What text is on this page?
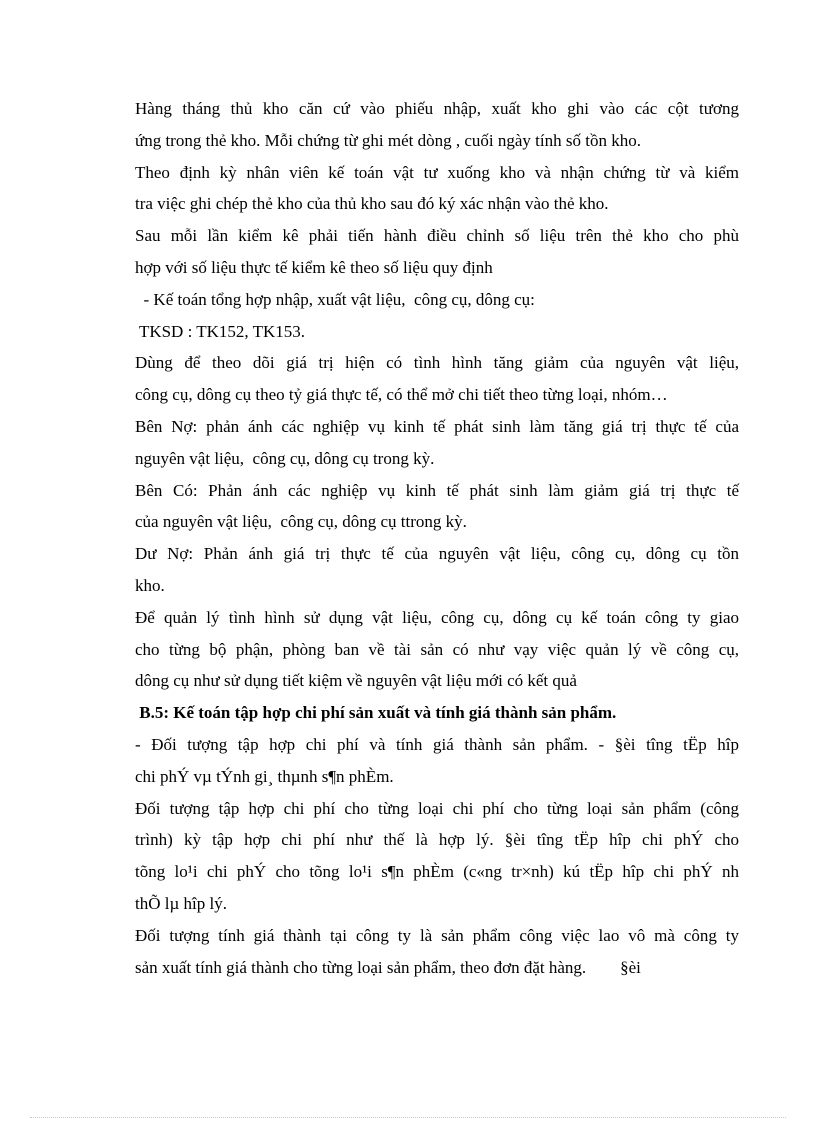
Hàng tháng thủ kho căn cứ vào phiếu nhập, xuất kho ghi vào các cột tương
ứng trong thẻ kho. Mỗi chứng từ ghi mét dòng , cuối ngày tính số tồn kho.
Theo định kỳ nhân viên kế toán vật tư xuống kho và nhận chứng từ và kiểm
tra việc ghi chép thẻ kho của thủ kho sau đó ký xác nhận vào thẻ kho.
Sau mỗi lần kiểm kê phải tiến hành điều chỉnh số liệu trên thẻ kho cho phù
hợp với số liệu thực tế kiểm kê theo số liệu quy định
- Kế toán tổng hợp nhập, xuất vật liệu,  công cụ, dông cụ:
TKSD : TK152, TK153.
Dùng để theo dõi giá trị hiện có tình hình tăng giảm của nguyên vật liệu,
công cụ, dông cụ theo tỷ giá thực tế, có thể mở chi tiết theo từng loại, nhóm…
Bên Nợ: phản ánh các nghiệp vụ kinh tế phát sinh làm tăng giá trị thực tế của
nguyên vật liệu,  công cụ, dông cụ trong kỳ.
Bên Có: Phản ánh các nghiệp vụ kinh tế phát sinh làm giảm giá trị thực tế
của nguyên vật liệu,  công cụ, dông cụ ttrong kỳ.
Dư Nợ: Phản ánh giá trị thực tế của nguyên vật liệu, công cụ, dông cụ tồn
kho.
Để quản lý tình hình sử dụng vật liệu, công cụ, dông cụ kế toán công ty giao
cho từng bộ phận, phòng ban về tài sản có như vạy việc quản lý về công cụ,
dông cụ như sử dụng tiết kiệm về nguyên vật liệu mới có kết quả
B.5: Kế toán tập hợp chi phí sản xuất và tính giá thành sản phẩm.
- Đối tượng tập hợp chi phí và tính giá thành sản phẩm. - §èi tîng tËp hîp
chi phÝ vµ tÝnh gi¸ thµnh s¶n phÈm.
Đối tượng tập hợp chi phí cho từng loại chi phí cho từng loại sản phẩm (công
trình) kỳ tập hợp chi phí như thế là hợp lý. §èi tîng tËp hîp chi phÝ cho
tõng lo¹i chi phÝ cho tõng lo¹i s¶n phÈm (c«ng tr×nh) kú tËp hîp chi phÝ nh
thÕ lµ hîp lý.
Đối tượng tính giá thành tại công ty là sản phẩm công việc lao vô mà công ty
sản xuất tính giá thành cho từng loại sản phẩm, theo đơn đặt hàng.        §èi
